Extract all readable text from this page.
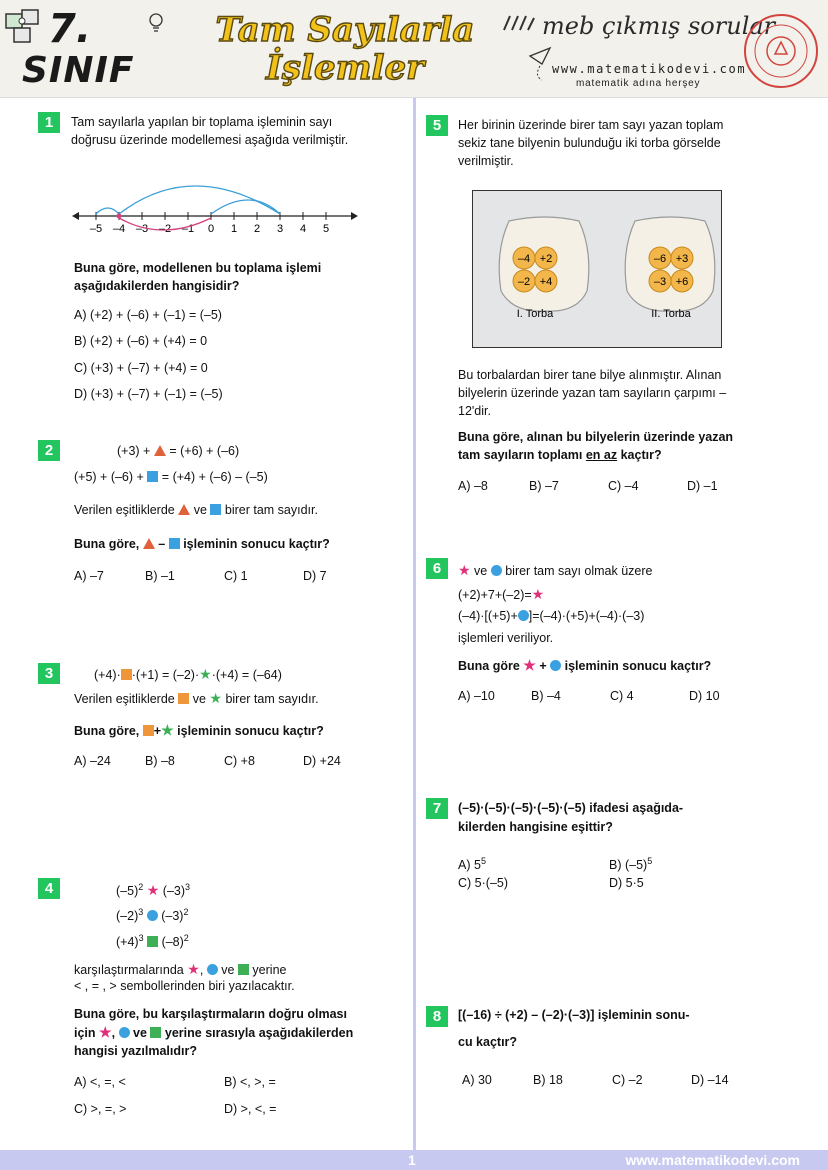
7.
SINIF
Tam Sayılarla
İşlemler
meb çıkmış sorular
www.matematikodevi.com
matematik adına herşey
1	Tam sayılarla yapılan bir toplama işleminin sayı doğrusu üzerinde modellemesi aşağıda verilmiştir.
–5 –4 –3 –2 –1 0 1 2 3 4 5
Buna göre, modellenen bu toplama işlemi aşağıdakilerden hangisidir?
A) (+2) + (–6) + (–1) = (–5)
B) (+2) + (–6) + (+4) = 0
C) (+3) + (–7) + (+4) = 0
D) (+3) + (–7) + (–1) = (–5)
2	(+3) + = (+6) + (–6)
(+5) + (–6) + = (+4) + (–6) – (–5)
Verilen eşitliklerde ve birer tam sayıdır.
Buna göre, – işleminin sonucu kaçtır?
A) –7	B) –1	C) 1	D) 7
3	(+4)· ·(+1) = (–2)·★·(+4) = (–64)
Verilen eşitliklerde ve ★ birer tam sayıdır.
Buna göre, +★ işleminin sonucu kaçtır?
A) –24	B) –8	C) +8	D) +24
4	$(-5)^2$ ★ $(-3)^3$
$(-2)^3$ $(-3)^2$
$(+4)^3$ $(-8)^2$
karşılaştırmalarında ★,  ve yerine
< , = , > sembollerinden biri yazılacaktır.
Buna göre, bu karşılaştırmaların doğru olması için ★,  ve yerine sırasıyla aşağıdakilerden hangisi yazılmalıdır?
A) <, =, <	B) <, >, =
C) >, =, >	D) >, <, =
5	Her birinin üzerinde birer tam sayı yazan toplam sekiz tane bilyenin bulunduğu iki torba görselde verilmiştir.
–4 +2
–2 +4
–6 +3
–3 +6
I. Torba	II. Torba
Bu torbalardan birer tane bilye alınmıştır. Alınan bilyelerin üzerinde yazan tam sayıların çarpımı –12'dir.
Buna göre, alınan bu bilyelerin üzerinde yazan tam sayıların toplamı en az kaçtır?
A) –8	B) –7	C) –4	D) –1
6	★ ve birer tam sayı olmak üzere
(+2)+7+(–2)=★
(–4)·[(+5)+ ]=(–4)·(+5)+(–4)·(–3)
işlemleri veriliyor.
Buna göre ★ + işleminin sonucu kaçtır?
A) –10	B) –4	C) 4	D) 10
7	(–5)·(–5)·(–5)·(–5)·(–5) ifadesi aşağıda-
kilerden hangisine eşittir?
A) $5^5$	B) $(-5)^5$
C) 5·(–5)	D) 5·5
8	[(–16) ÷ (+2) – (–2)·(–3)] işleminin sonu-
cu kaçtır?
A) 30	B) 18	C) –2	D) –14
1	www.matematikodevi.com
